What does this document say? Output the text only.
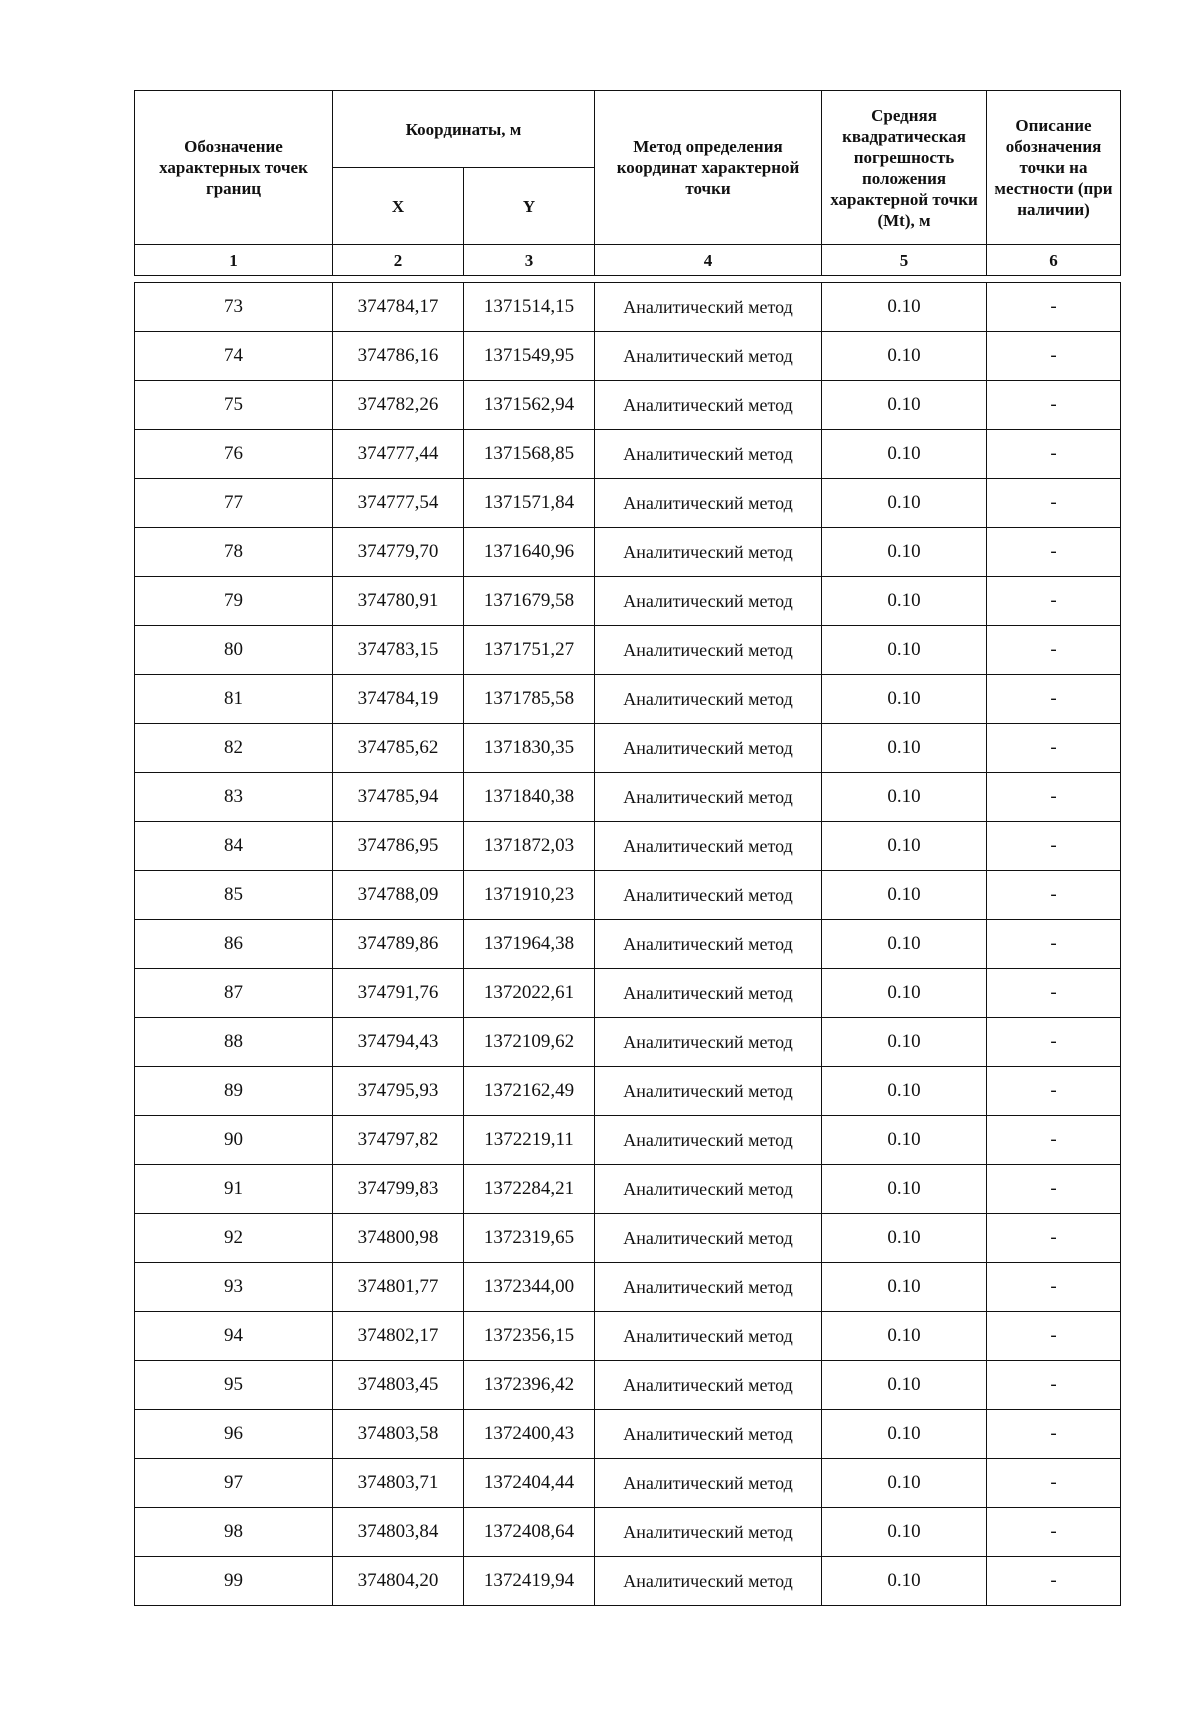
Обозначение характерных точек границ	Координаты, м		Метод определения координат характерной точки	Средняя квадратическая погрешность положения характерной точки (Mt), м	Описание обозначения точки на местности (при наличии)
	X	Y			
1	2	3	4	5	6

73	374784,17	1371514,15	Аналитический метод	0.10	-
74	374786,16	1371549,95	Аналитический метод	0.10	-
75	374782,26	1371562,94	Аналитический метод	0.10	-
76	374777,44	1371568,85	Аналитический метод	0.10	-
77	374777,54	1371571,84	Аналитический метод	0.10	-
78	374779,70	1371640,96	Аналитический метод	0.10	-
79	374780,91	1371679,58	Аналитический метод	0.10	-
80	374783,15	1371751,27	Аналитический метод	0.10	-
81	374784,19	1371785,58	Аналитический метод	0.10	-
82	374785,62	1371830,35	Аналитический метод	0.10	-
83	374785,94	1371840,38	Аналитический метод	0.10	-
84	374786,95	1371872,03	Аналитический метод	0.10	-
85	374788,09	1371910,23	Аналитический метод	0.10	-
86	374789,86	1371964,38	Аналитический метод	0.10	-
87	374791,76	1372022,61	Аналитический метод	0.10	-
88	374794,43	1372109,62	Аналитический метод	0.10	-
89	374795,93	1372162,49	Аналитический метод	0.10	-
90	374797,82	1372219,11	Аналитический метод	0.10	-
91	374799,83	1372284,21	Аналитический метод	0.10	-
92	374800,98	1372319,65	Аналитический метод	0.10	-
93	374801,77	1372344,00	Аналитический метод	0.10	-
94	374802,17	1372356,15	Аналитический метод	0.10	-
95	374803,45	1372396,42	Аналитический метод	0.10	-
96	374803,58	1372400,43	Аналитический метод	0.10	-
97	374803,71	1372404,44	Аналитический метод	0.10	-
98	374803,84	1372408,64	Аналитический метод	0.10	-
99	374804,20	1372419,94	Аналитический метод	0.10	-
